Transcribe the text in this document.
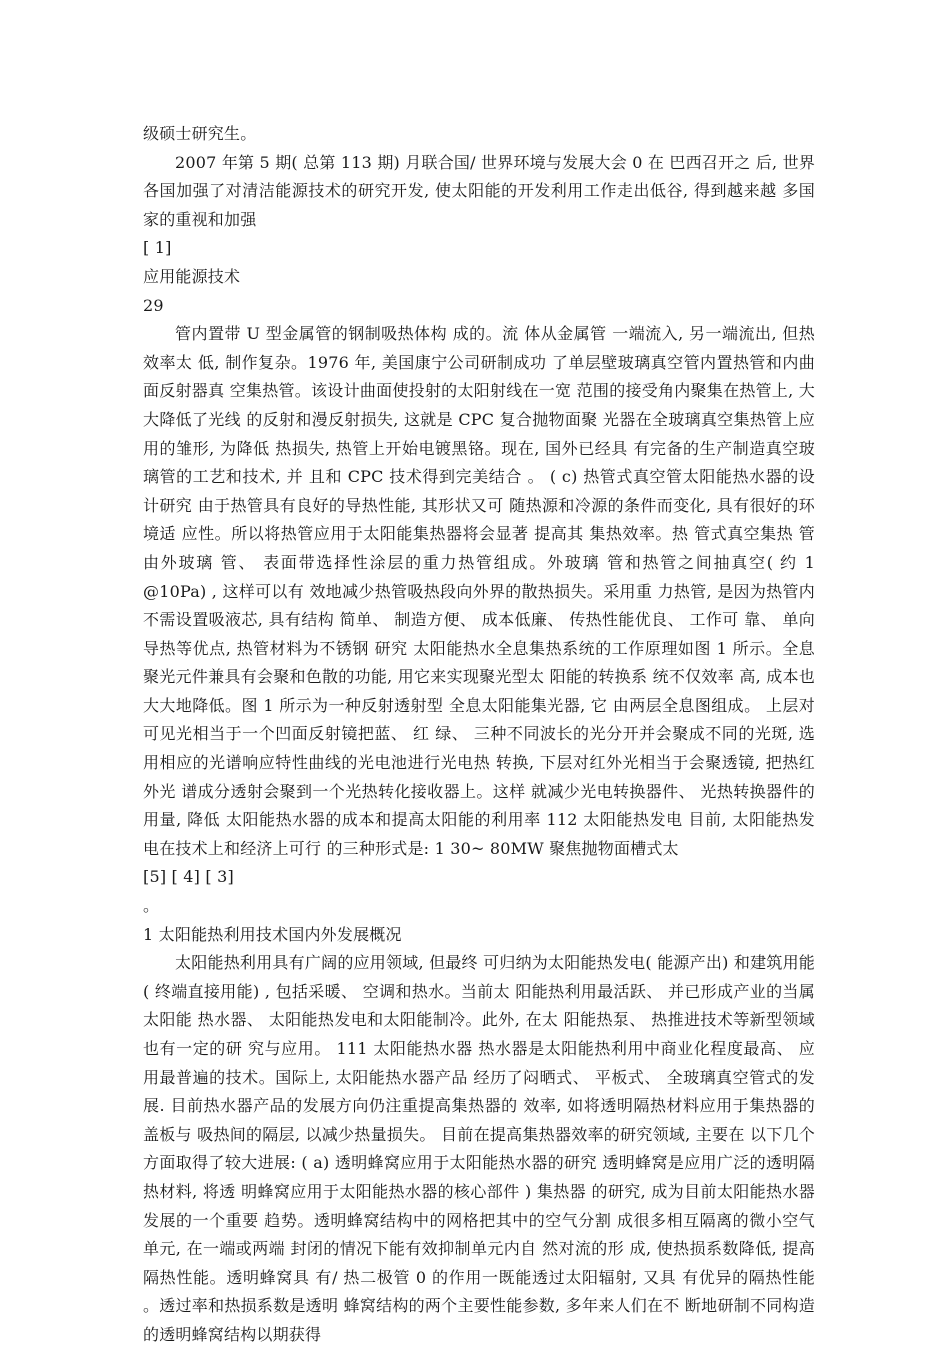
级硕士研究生。

2007 年第 5 期( 总第 113 期) 月联合国/ 世界环境与发展大会 0 在 巴西召开之 后, 世界各国加强了对清洁能源技术的研究开发, 使太阳能的开发利用工作走出低谷, 得到越来越 多国家的重视和加强

[ 1]

应用能源技术

29

管内置带 U 型金属管的钢制吸热体构 成的。流 体从金属管 一端流入, 另一端流出, 但热效率太 低, 制作复杂。1976 年, 美国康宁公司研制成功 了单层壁玻璃真空管内置热管和内曲面反射器真 空集热管。该设计曲面使投射的太阳射线在一宽 范围的接受角内聚集在热管上, 大大降低了光线 的反射和漫反射损失, 这就是 CPC 复合抛物面聚 光器在全玻璃真空集热管上应用的雏形, 为降低 热损失, 热管上开始电镀黑铬。现在, 国外已经具 有完备的生产制造真空玻璃管的工艺和技术, 并 且和 CPC 技术得到完美结合 。 ( c) 热管式真空管太阳能热水器的设计研究 由于热管具有良好的导热性能, 其形状又可 随热源和冷源的条件而变化, 具有很好的环境适 应性。所以将热管应用于太阳能集热器将会显著 提高其 集热效率。热 管式真空集热 管由外玻璃 管、 表面带选择性涂层的重力热管组成。外玻璃 管和热管之间抽真空( 约 1 @10Pa) , 这样可以有 效地减少热管吸热段向外界的散热损失。采用重 力热管, 是因为热管内不需设置吸液芯, 具有结构 简单、 制造方便、 成本低廉、 传热性能优良、 工作可 靠、 单向导热等优点, 热管材料为不锈钢 研究 太阳能热水全息集热系统的工作原理如图 1 所示。全息聚光元件兼具有会聚和色散的功能, 用它来实现聚光型太 阳能的转换系 统不仅效率 高, 成本也大大地降低。图 1 所示为一种反射透射型 全息太阳能集光器, 它 由两层全息图组成。 上层对可见光相当于一个凹面反射镜把蓝、 红 绿、 三种不同波长的光分开并会聚成不同的光斑, 选 用相应的光谱响应特性曲线的光电池进行光电热 转换, 下层对红外光相当于会聚透镜, 把热红外光 谱成分透射会聚到一个光热转化接收器上。这样 就减少光电转换器件、 光热转换器件的用量, 降低 太阳能热水器的成本和提高太阳能的利用率 112 太阳能热发电 目前, 太阳能热发电在技术上和经济上可行 的三种形式是: 1 30~ 80MW 聚焦抛物面槽式太

[5] [ 4] [ 3]

。

1 太阳能热利用技术国内外发展概况

太阳能热利用具有广阔的应用领域, 但最终 可归纳为太阳能热发电( 能源产出) 和建筑用能 ( 终端直接用能) , 包括采暖、 空调和热水。当前太 阳能热利用最活跃、 并已形成产业的当属太阳能 热水器、 太阳能热发电和太阳能制冷。此外, 在太 阳能热泵、 热推进技术等新型领域也有一定的研 究与应用。 111 太阳能热水器 热水器是太阳能热利用中商业化程度最高、 应用最普遍的技术。国际上, 太阳能热水器产品 经历了闷晒式、 平板式、 全玻璃真空管式的发展. 目前热水器产品的发展方向仍注重提高集热器的 效率, 如将透明隔热材料应用于集热器的盖板与 吸热间的隔层, 以减少热量损失。 目前在提高集热器效率的研究领域, 主要在 以下几个方面取得了较大进展: ( a) 透明蜂窝应用于太阳能热水器的研究 透明蜂窝是应用广泛的透明隔热材料, 将透 明蜂窝应用于太阳能热水器的核心部件 ) 集热器 的研究, 成为目前太阳能热水器发展的一个重要 趋势。透明蜂窝结构中的网格把其中的空气分割 成很多相互隔离的微小空气单元, 在一端或两端 封闭的情况下能有效抑制单元内自 然对流的形 成, 使热损系数降低, 提高隔热性能。透明蜂窝具 有/ 热二极管 0 的作用一既能透过太阳辐射, 又具 有优异的隔热性能 。透过率和热损系数是透明 蜂窝结构的两个主要性能参数, 多年来人们在不 断地研制不同构造的透明蜂窝结构以期获得
